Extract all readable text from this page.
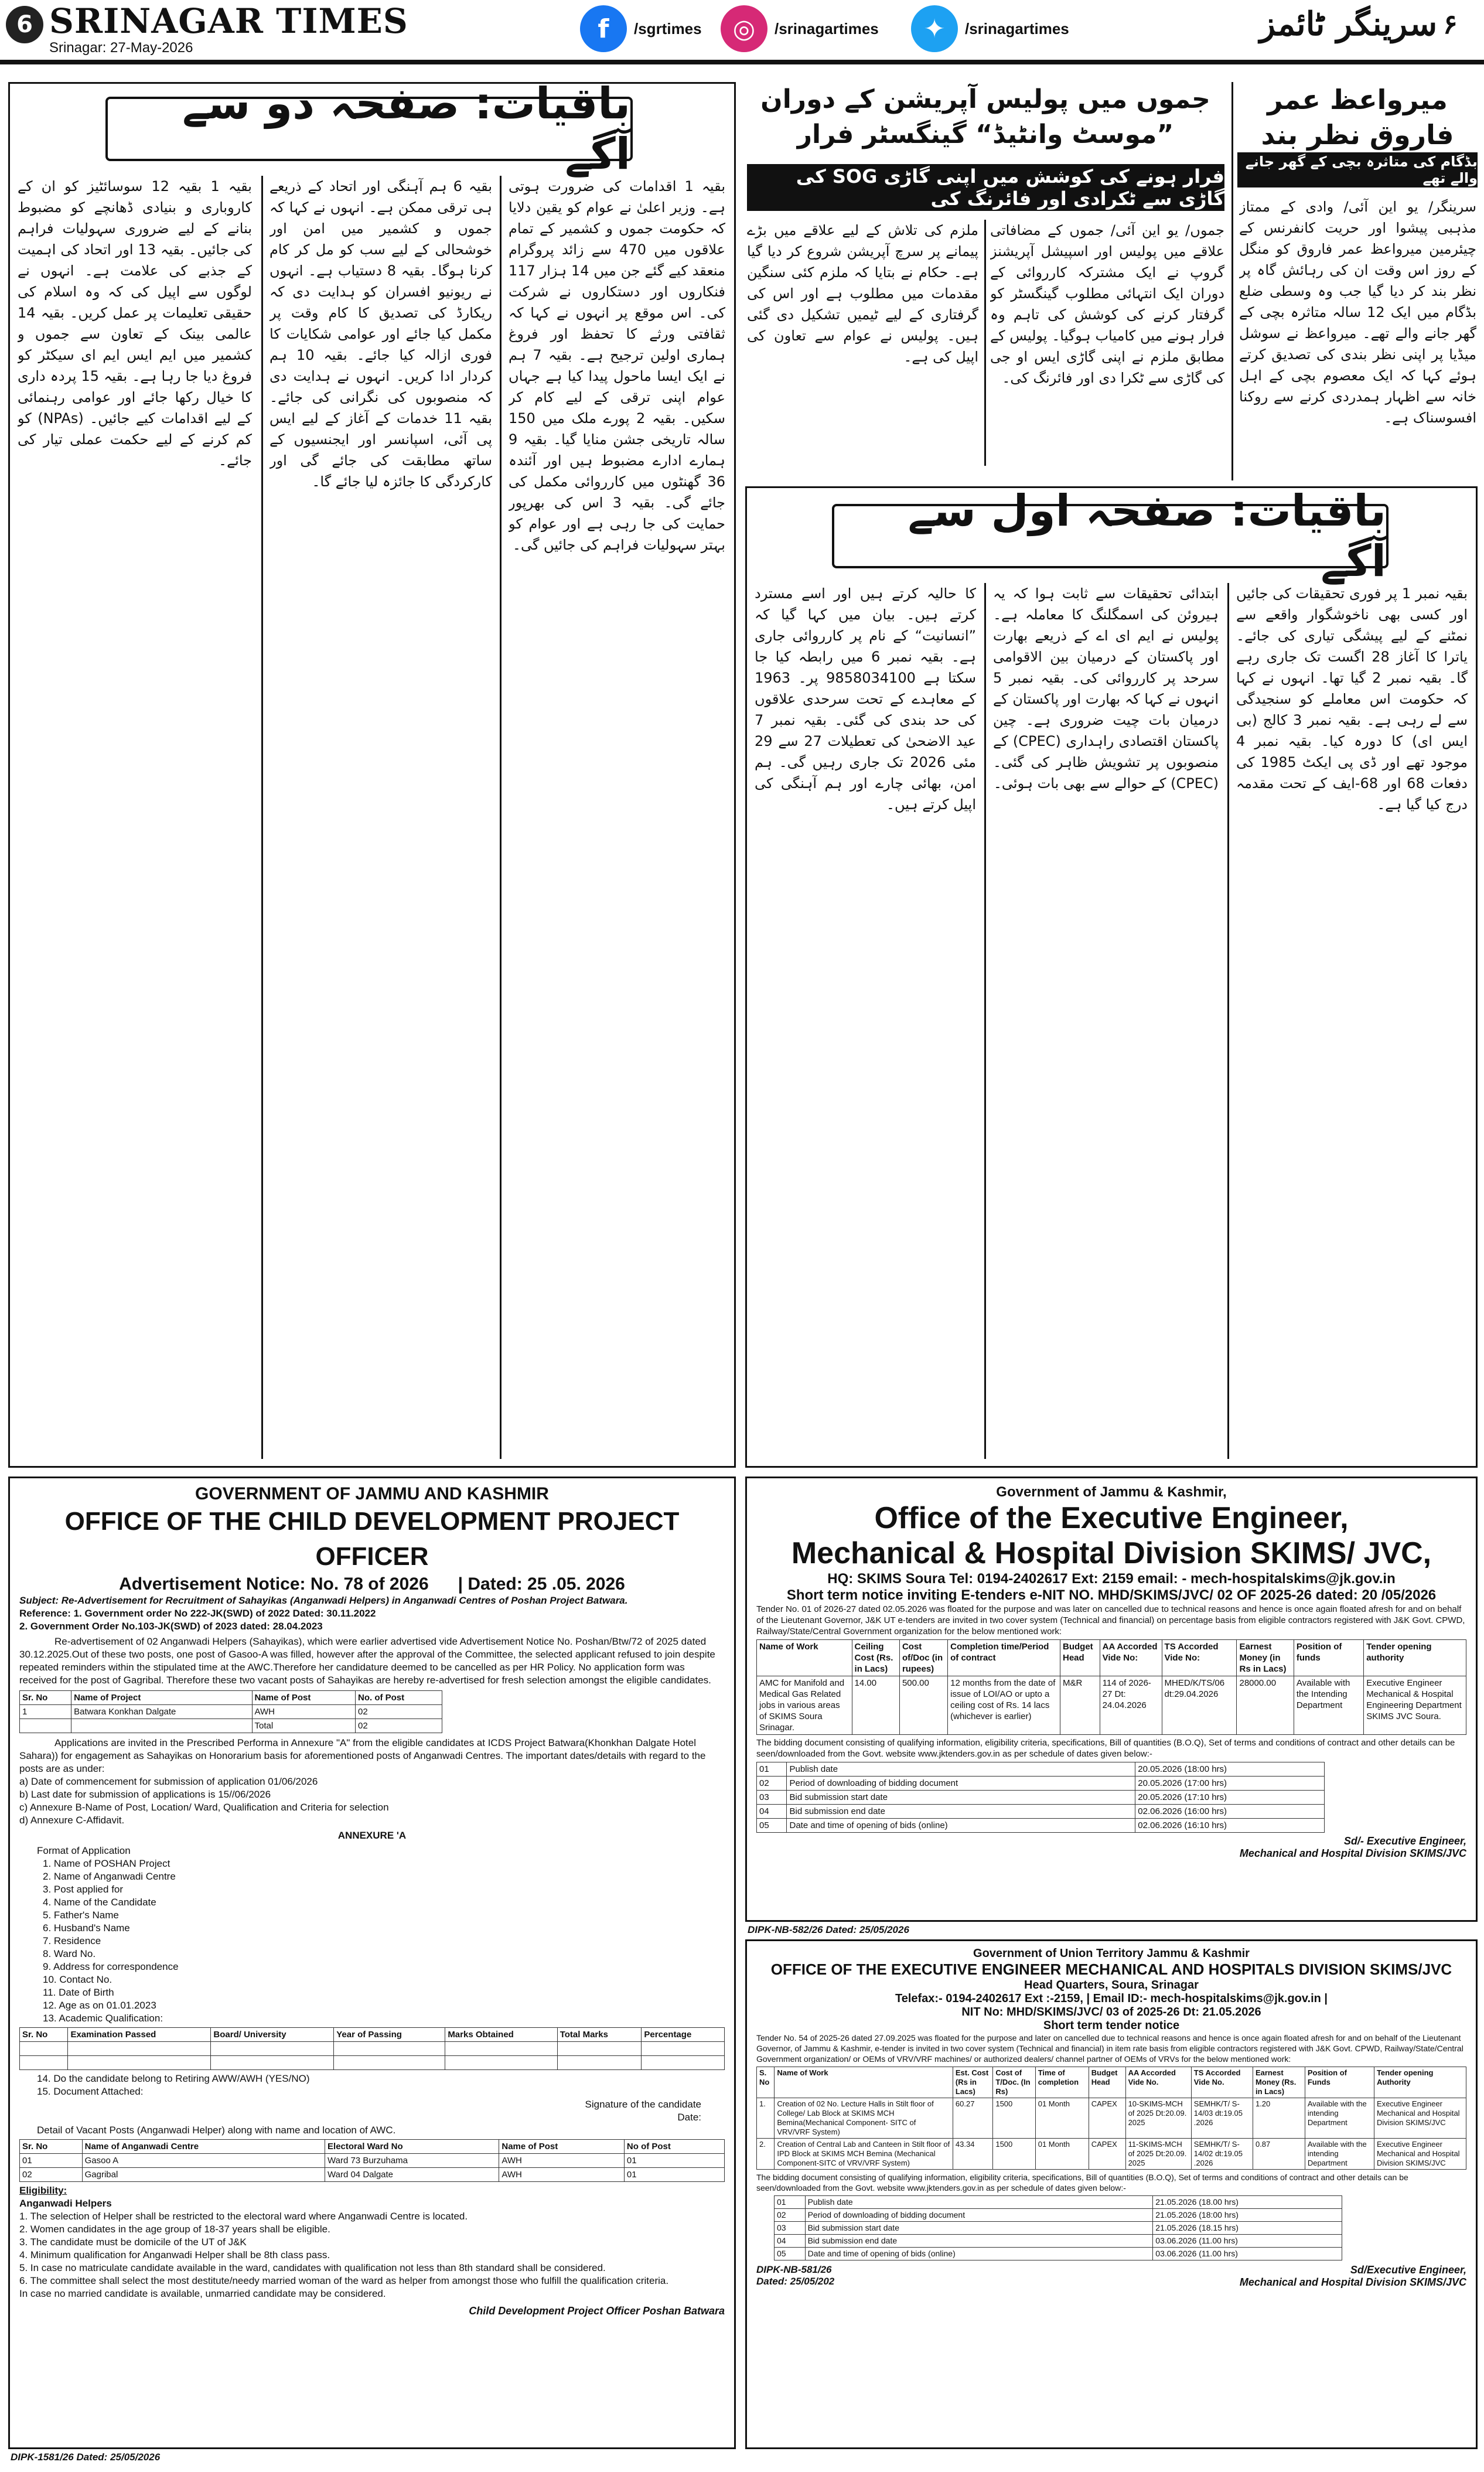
6 SRINAGAR TIMES
Srinagar: 27-May-2026
f	/sgrtimes	◎	/srinagartimes	✦	/srinagartimes	سرینگر ٹائمز ۶
باقیات: صفحہ دو سے آگے
بقیہ 1 اقدامات کی ضرورت ہوتی ہے۔ وزیر اعلیٰ نے عوام کو یقین دلایا کہ حکومت جموں و کشمیر کے تمام علاقوں میں 470 سے زائد پروگرام منعقد کیے گئے جن میں 14 ہزار 117 فنکاروں اور دستکاروں نے شرکت کی۔ اس موقع پر انہوں نے کہا کہ ثقافتی ورثے کا تحفظ اور فروغ ہماری اولین ترجیح ہے۔ بقیہ 7 ہم نے ایک ایسا ماحول پیدا کیا ہے جہاں عوام اپنی ترقی کے لیے کام کر سکیں۔ بقیہ 2 پورے ملک میں 150 سالہ تاریخی جشن منایا گیا۔ بقیہ 9 ہمارے ادارے مضبوط ہیں اور آئندہ 36 گھنٹوں میں کارروائی مکمل کی جائے گی۔ بقیہ 3 اس کی بھرپور حمایت کی جا رہی ہے اور عوام کو بہتر سہولیات فراہم کی جائیں گی۔
بقیہ 6 ہم آہنگی اور اتحاد کے ذریعے ہی ترقی ممکن ہے۔ انہوں نے کہا کہ جموں و کشمیر میں امن اور خوشحالی کے لیے سب کو مل کر کام کرنا ہوگا۔ بقیہ 8 دستیاب ہے۔ انہوں نے ریونیو افسران کو ہدایت دی کہ ریکارڈ کی تصدیق کا کام وقت پر مکمل کیا جائے اور عوامی شکایات کا فوری ازالہ کیا جائے۔ بقیہ 10 ہم کردار ادا کریں۔ انہوں نے ہدایت دی کہ منصوبوں کی نگرانی کی جائے۔ بقیہ 11 خدمات کے آغاز کے لیے ایس پی آئی، اسپانسر اور ایجنسیوں کے ساتھ مطابقت کی جائے گی اور کارکردگی کا جائزہ لیا جائے گا۔
بقیہ 1 بقیہ 12 سوسائٹیز کو ان کے کاروباری و بنیادی ڈھانچے کو مضبوط بنانے کے لیے ضروری سہولیات فراہم کی جائیں۔ بقیہ 13 اور اتحاد کی اہمیت کے جذبے کی علامت ہے۔ انہوں نے لوگوں سے اپیل کی کہ وہ اسلام کی حقیقی تعلیمات پر عمل کریں۔ بقیہ 14 عالمی بینک کے تعاون سے جموں و کشمیر میں ایم ایس ایم ای سیکٹر کو فروغ دیا جا رہا ہے۔ بقیہ 15 پردہ داری کا خیال رکھا جائے اور عوامی رہنمائی کے لیے اقدامات کیے جائیں۔ (NPAs) کو کم کرنے کے لیے حکمت عملی تیار کی جائے۔
جموں میں پولیس آپریشن کے دوران ”موسٹ وانٹیڈ“ گینگسٹر فرار
فرار ہونے کی کوشش میں اپنی گاڑی SOG کی گاڑی سے ٹکرادی اور فائرنگ کی
جموں/ یو این آئی/ جموں کے مضافاتی علاقے میں پولیس اور اسپیشل آپریشنز گروپ نے ایک مشترکہ کارروائی کے دوران ایک انتہائی مطلوب گینگسٹر کو گرفتار کرنے کی کوشش کی تاہم وہ فرار ہونے میں کامیاب ہوگیا۔ پولیس کے مطابق ملزم نے اپنی گاڑی ایس او جی کی گاڑی سے ٹکرا دی اور فائرنگ کی۔
ملزم کی تلاش کے لیے علاقے میں بڑے پیمانے پر سرچ آپریشن شروع کر دیا گیا ہے۔ حکام نے بتایا کہ ملزم کئی سنگین مقدمات میں مطلوب ہے اور اس کی گرفتاری کے لیے ٹیمیں تشکیل دی گئی ہیں۔ پولیس نے عوام سے تعاون کی اپیل کی ہے۔
میرواعظ عمر فاروق نظر بند
بڈگام کی متاثرہ بچی کے گھر جانے والے تھے
سرینگر/ یو این آئی/ وادی کے ممتاز مذہبی پیشوا اور حریت کانفرنس کے چیئرمین میرواعظ عمر فاروق کو منگل کے روز اس وقت ان کی رہائش گاہ پر نظر بند کر دیا گیا جب وہ وسطی ضلع بڈگام میں ایک 12 سالہ متاثرہ بچی کے گھر جانے والے تھے۔ میرواعظ نے سوشل میڈیا پر اپنی نظر بندی کی تصدیق کرتے ہوئے کہا کہ ایک معصوم بچی کے اہل خانہ سے اظہار ہمدردی کرنے سے روکنا افسوسناک ہے۔
باقیات: صفحہ اول سے آگے
بقیہ نمبر 1 پر فوری تحقیقات کی جائیں اور کسی بھی ناخوشگوار واقعے سے نمٹنے کے لیے پیشگی تیاری کی جائے۔ یاترا کا آغاز 28 اگست تک جاری رہے گا۔ بقیہ نمبر 2 گیا تھا۔ انہوں نے کہا کہ حکومت اس معاملے کو سنجیدگی سے لے رہی ہے۔ بقیہ نمبر 3 کالج (بی ایس ای) کا دورہ کیا۔ بقیہ نمبر 4 موجود تھے اور ڈی پی ایکٹ 1985 کی دفعات 68 اور 68-ایف کے تحت مقدمہ درج کیا گیا ہے۔
ابتدائی تحقیقات سے ثابت ہوا کہ یہ ہیروئن کی اسمگلنگ کا معاملہ ہے۔ پولیس نے ایم ای اے کے ذریعے بھارت اور پاکستان کے درمیان بین الاقوامی سرحد پر کارروائی کی۔ بقیہ نمبر 5 انہوں نے کہا کہ بھارت اور پاکستان کے درمیان بات چیت ضروری ہے۔ چین پاکستان اقتصادی راہداری (CPEC) کے منصوبوں پر تشویش ظاہر کی گئی۔ (CPEC) کے حوالے سے بھی بات ہوئی۔
کا حالیہ کرتے ہیں اور اسے مسترد کرتے ہیں۔ بیان میں کہا گیا کہ ”انسانیت“ کے نام پر کارروائی جاری ہے۔ بقیہ نمبر 6 میں رابطہ کیا جا سکتا ہے 9858034100 پر۔ 1963 کے معاہدے کے تحت سرحدی علاقوں کی حد بندی کی گئی۔ بقیہ نمبر 7 عید الاضحیٰ کی تعطیلات 27 سے 29 مئی 2026 تک جاری رہیں گی۔ ہم امن، بھائی چارے اور ہم آہنگی کی اپیل کرتے ہیں۔
GOVERNMENT OF JAMMU AND KASHMIR
OFFICE OF THE CHILD DEVELOPMENT PROJECT OFFICER
Advertisement Notice: No. 78 of 2026      | Dated: 25 .05. 2026
Subject: Re-Advertisement for Recruitment of Sahayikas (Anganwadi Helpers) in Anganwadi Centres of Poshan Project Batwara.
Reference: 1. Government order No 222-JK(SWD) of 2022 Dated: 30.11.2022
2. Government Order No.103-JK(SWD) of 2023 dated: 28.04.2023
Re-advertisement of 02 Anganwadi Helpers (Sahayikas), which were earlier advertised vide Advertisement Notice No. Poshan/Btw/72 of 2025 dated 30.12.2025.Out of these two posts, one post of Gasoo-A was filled, however after the approval of the Committee, the selected applicant refused to join despite repeated reminders within the stipulated time at the AWC.Therefore her candidature deemed to be cancelled as per HR Policy. No application form was received for the post of Gagribal. Therefore these two vacant posts of Sahayikas are hereby re-advertised for fresh selection amongst the eligible candidates.
Sr. No	Name of Project	Name of Post	No. of Post
1	Batwara Konkhan Dalgate	AWH	02
		Total	02
Applications are invited in the Prescribed Performa in Annexure "A" from the eligible candidates at ICDS Project Batwara(Khonkhan Dalgate Hotel Sahara)) for engagement as Sahayikas on Honorarium basis for aforementioned posts of Anganwadi Centres. The important dates/details with regard to the posts are as under:
a) Date of commencement for submission of application 01/06/2026
b) Last date for submission of applications is 15//06/2026
c) Annexure B-Name of Post, Location/ Ward, Qualification and Criteria for selection
d) Annexure C-Affidavit.
ANNEXURE 'A
Format of Application
1. Name of POSHAN Project
2. Name of Anganwadi Centre
3. Post applied for
4. Name of the Candidate
5. Father's Name
6. Husband's Name
7. Residence
8. Ward No.
9. Address for correspondence
10. Contact No.
11. Date of Birth
12. Age as on 01.01.2023
13. Academic Qualification:
Sr. No	Examination Passed	Board/ University	Year of Passing	Marks Obtained	Total Marks	Percentage

14. Do the candidate belong to Retiring AWW/AWH (YES/NO)
15. Document Attached:
Signature of the candidate
Date:
Detail of Vacant Posts (Anganwadi Helper) along with name and location of AWC.
Sr. No	Name of Anganwadi Centre	Electoral Ward No	Name of Post	No of Post
01	Gasoo A	Ward 73 Burzuhama	AWH	01
02	Gagribal	Ward 04 Dalgate	AWH	01
Eligibility:
Anganwadi Helpers
1. The selection of Helper shall be restricted to the electoral ward where Anganwadi Centre is located.
2. Women candidates in the age group of 18-37 years shall be eligible.
3. The candidate must be domicile of the UT of J&K
4. Minimum qualification for Anganwadi Helper shall be 8th class pass.
5. In case no matriculate candidate available in the ward, candidates with qualification not less than 8th standard shall be considered.
6. The committee shall select the most destitute/needy married woman of the ward as helper from amongst those who fulfill the qualification criteria.
In case no married candidate is available, unmarried candidate may be considered.
Child Development Project Officer Poshan Batwara
DIPK-1581/26 Dated: 25/05/2026
Government of Jammu & Kashmir,
Office of the Executive Engineer,
Mechanical & Hospital Division SKIMS/ JVC,
HQ: SKIMS Soura Tel: 0194-2402617 Ext: 2159 email: - mech-hospitalskims@jk.gov.in
Short term notice inviting E-tenders e-NIT NO. MHD/SKIMS/JVC/ 02 OF 2025-26 dated: 20 /05/2026
Tender No. 01 of 2026-27 dated 02.05.2026 was floated for the purpose and was later on cancelled due to technical reasons and hence is once again floated afresh for and on behalf of the Lieutenant Governor, J&K UT e-tenders are invited in two cover system (Technical and financial) on percentage basis from eligible contractors registered with J&K Govt. CPWD, Railway/State/Central Government organization for the below mentioned work:
Name of Work	Ceiling Cost (Rs. in Lacs)	Cost of/Doc (in rupees)	Completion time/Period of contract	Budget Head	AA Accorded Vide No:	TS Accorded Vide No:	Earnest Money (in Rs in Lacs)	Position of funds	Tender opening authority
AMC for Manifold and Medical Gas Related jobs in various areas of SKIMS Soura Srinagar.	14.00	500.00	12 months from the date of issue of LOI/AO or upto a ceiling cost of Rs. 14 lacs (whichever is earlier)	M&R	114 of 2026-27 Dt: 24.04.2026	MHED/K/TS/06 dt:29.04.2026	28000.00	Available with the Intending Department	Executive Engineer Mechanical & Hospital Engineering Department SKIMS JVC Soura.
The bidding document consisting of qualifying information, eligibility criteria, specifications, Bill of quantities (B.O.Q), Set of terms and conditions of contract and other details can be seen/downloaded from the Govt. website www.jktenders.gov.in as per schedule of dates given below:-
01	Publish date	20.05.2026 (18:00 hrs)
02	Period of downloading of bidding document	20.05.2026 (17:00 hrs)
03	Bid submission start date	20.05.2026 (17:10 hrs)
04	Bid submission end date	02.06.2026 (16:00 hrs)
05	Date and time of opening of bids (online)	02.06.2026 (16:10 hrs)
Sd/- Executive Engineer,
Mechanical and Hospital Division SKIMS/JVC
DIPK-NB-582/26 Dated: 25/05/2026
Government of Union Territory Jammu & Kashmir
OFFICE OF THE EXECUTIVE ENGINEER MECHANICAL AND HOSPITALS DIVISION SKIMS/JVC
Head Quarters, Soura, Srinagar
Telefax:- 0194-2402617 Ext :-2159, | Email ID:- mech-hospitalskims@jk.gov.in |
NIT No: MHD/SKIMS/JVC/ 03 of 2025-26 Dt: 21.05.2026
Short term tender notice
Tender No. 54 of 2025-26 dated 27.09.2025 was floated for the purpose and later on cancelled due to technical reasons and hence is once again floated afresh for and on behalf of the Lieutenant Governor, of Jammu & Kashmir, e-tender is invited in two cover system (Technical and financial) in item rate basis from eligible contractors registered with J&K Govt. CPWD, Railway/State/Central Government organization/ or OEMs of VRV/VRF machines/ or authorized dealers/ channel partner of OEMs of VRVs for the below mentioned work:
S. No	Name of Work	Est. Cost (Rs in Lacs)	Cost of T/Doc. (In Rs)	Time of completion	Budget Head	AA Accorded Vide No.	TS Accorded Vide No.	Earnest Money (Rs. in Lacs)	Position of Funds	Tender opening Authority
1.	Creation of 02 No. Lecture Halls in Stilt floor of College/ Lab Block at SKIMS MCH Bemina(Mechanical Component- SITC of VRV/VRF System)	60.27	1500	01 Month	CAPEX	10-SKIMS-MCH of 2025 Dt:20.09. 2025	SEMHK/T/ S-14/03 dt:19.05 .2026	1.20	Available with the intending Department	Executive Engineer Mechanical and Hospital Division SKIMS/JVC
2.	Creation of Central Lab and Canteen in Stilt floor of IPD Block at SKIMS MCH Bemina (Mechanical Component-SITC of VRV/VRF System)	43.34	1500	01 Month	CAPEX	11-SKIMS-MCH of 2025 Dt:20.09. 2025	SEMHK/T/ S-14/02 dt:19.05 .2026	0.87	Available with the intending Department	Executive Engineer Mechanical and Hospital Division SKIMS/JVC
The bidding document consisting of qualifying information, eligibility criteria, specifications, Bill of quantities (B.O.Q), Set of terms and conditions of contract and other details can be seen/downloaded from the Govt. website www.jktenders.gov.in as per schedule of dates given below:-
01	Publish date	21.05.2026 (18.00 hrs)
02	Period of downloading of bidding document	21.05.2026 (18:00 hrs)
03	Bid submission start date	21.05.2026 (18.15 hrs)
04	Bid submission end date	03.06.2026 (11.00 hrs)
05	Date and time of opening of bids (online)	03.06.2026 (11.00 hrs)
DIPK-NB-581/26
Dated: 25/05/202
Sd/Executive Engineer,
Mechanical and Hospital Division SKIMS/JVC
